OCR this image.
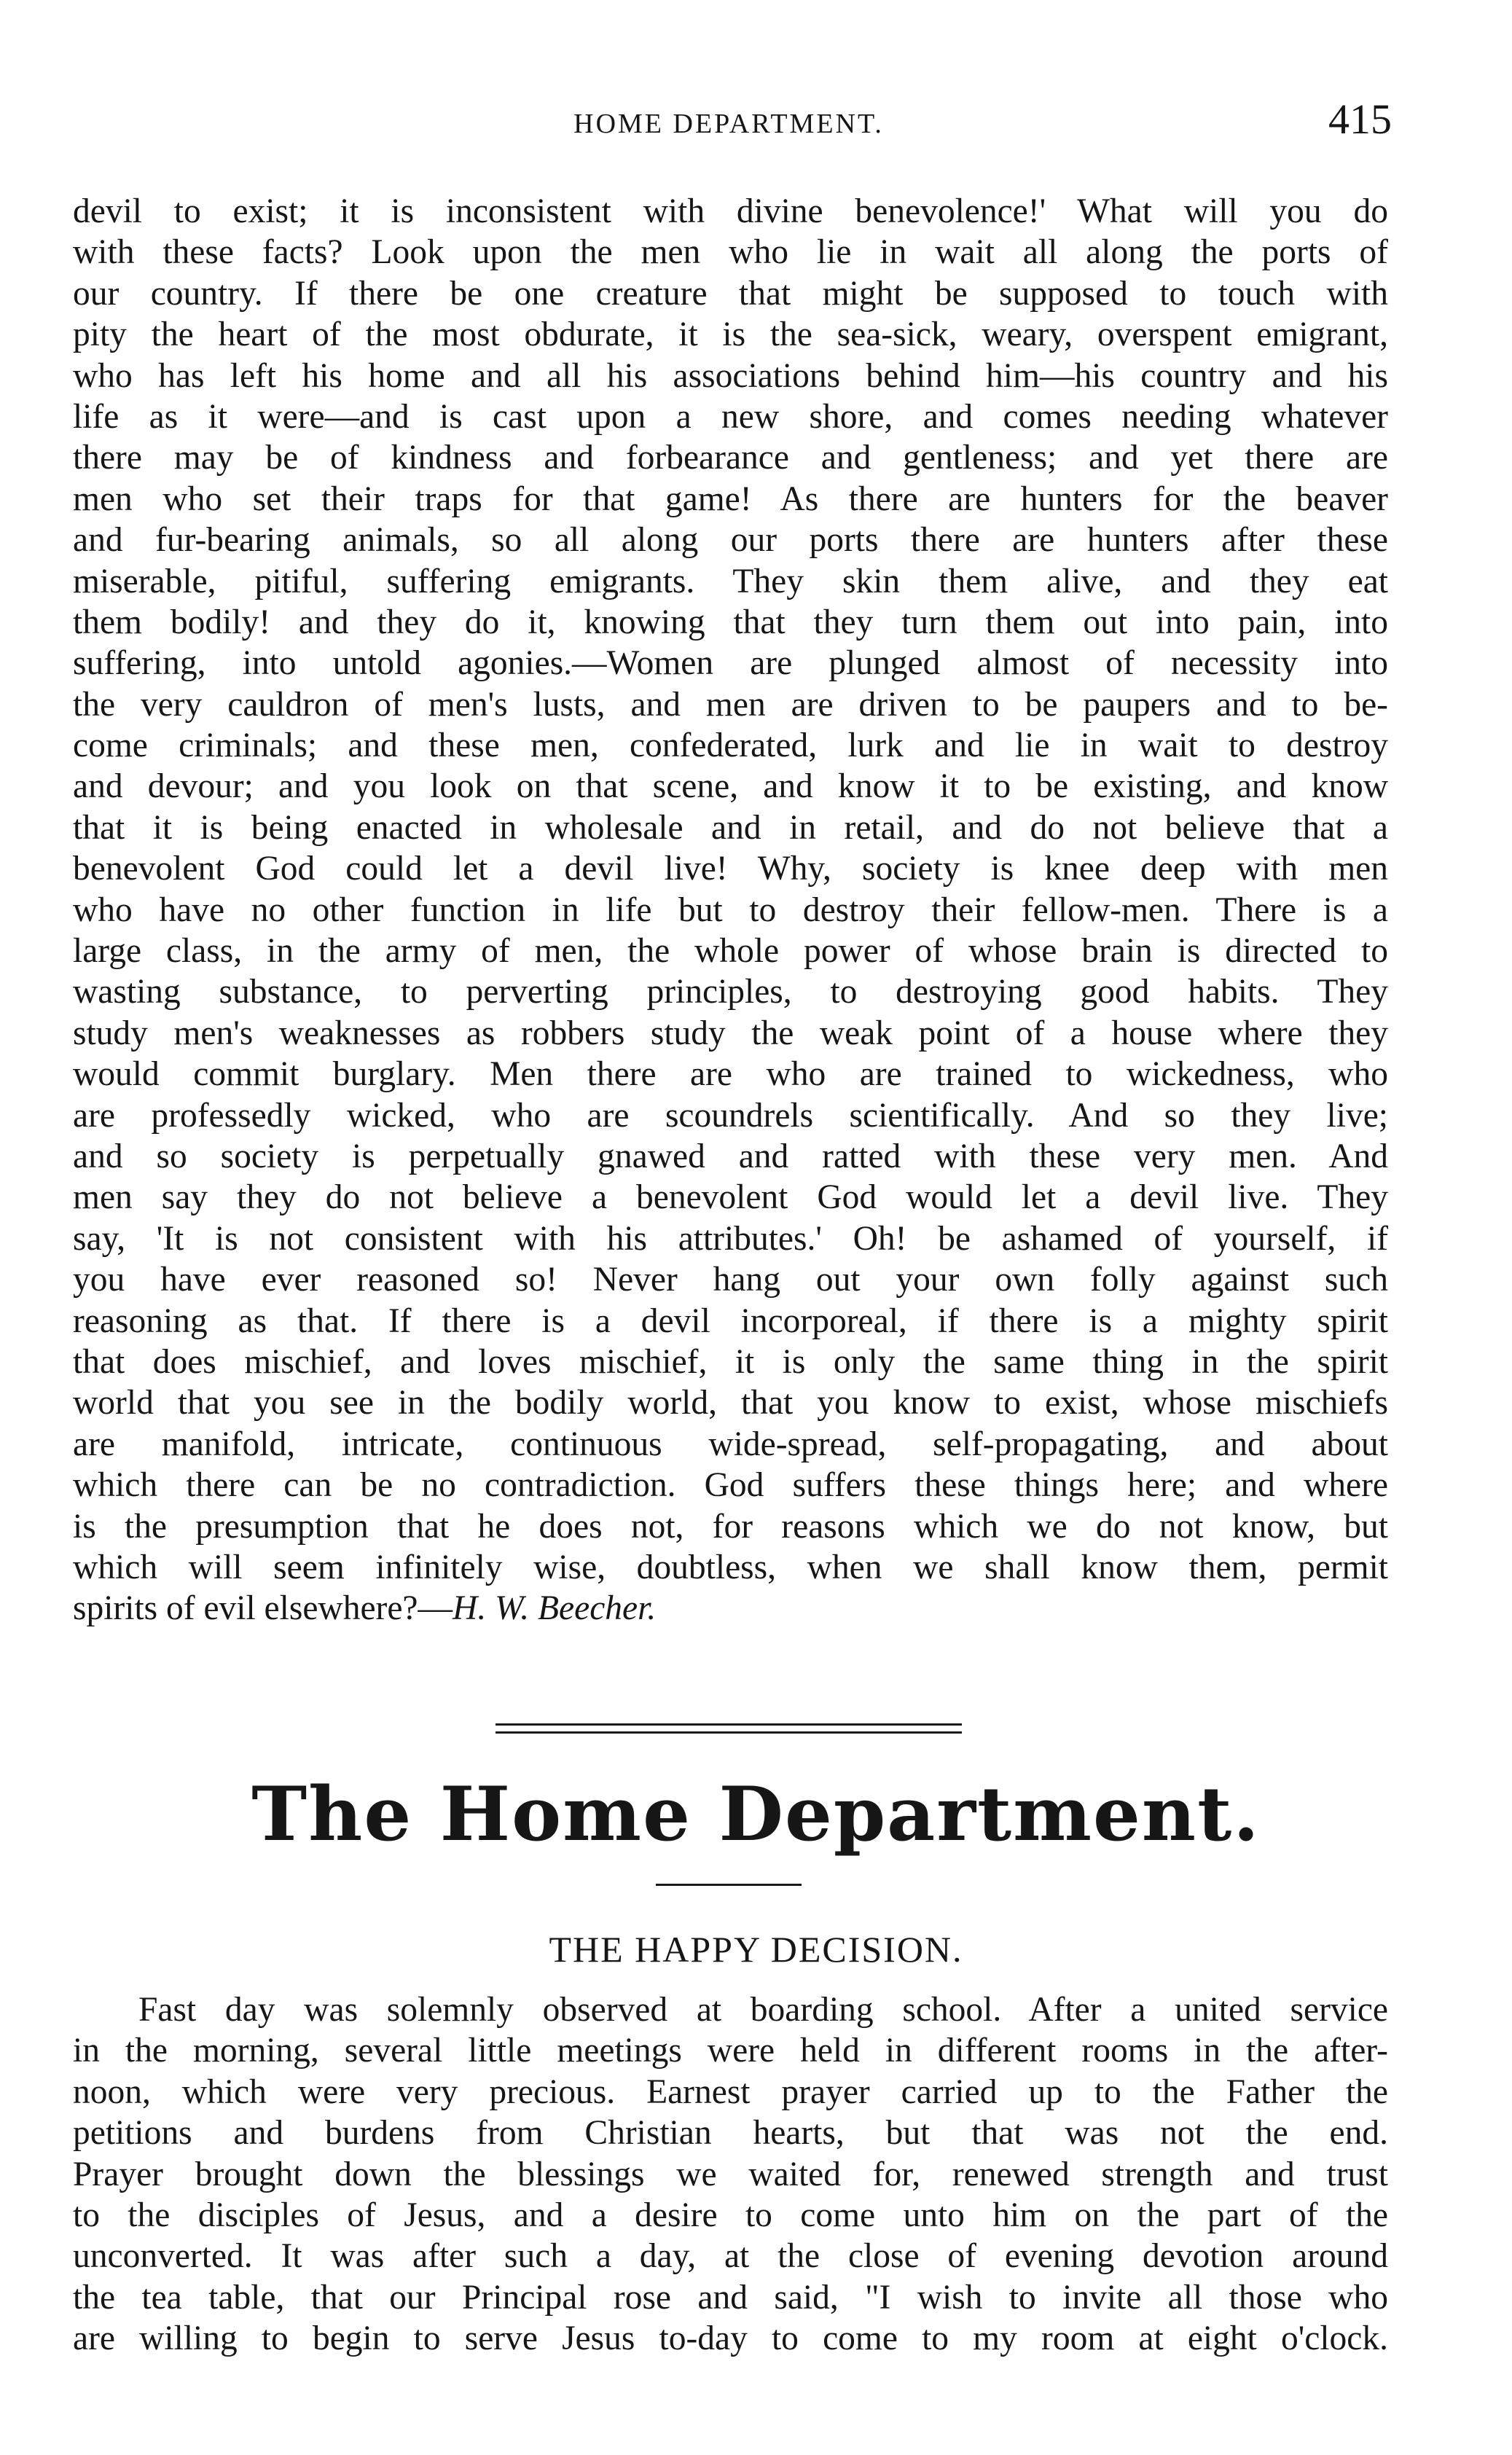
HOME DEPARTMENT.	415
devil to exist; it is inconsistent with divine benevolence!' What will you do
with these facts? Look upon the men who lie in wait all along the ports of
our country. If there be one creature that might be supposed to touch with
pity the heart of the most obdurate, it is the sea-sick, weary, overspent emigrant,
who has left his home and all his associations behind him—his country and his
life as it were—and is cast upon a new shore, and comes needing whatever
there may be of kindness and forbearance and gentleness; and yet there are
men who set their traps for that game! As there are hunters for the beaver
and fur-bearing animals, so all along our ports there are hunters after these
miserable, pitiful, suffering emigrants. They skin them alive, and they eat
them bodily! and they do it, knowing that they turn them out into pain, into
suffering, into untold agonies.—Women are plunged almost of necessity into
the very cauldron of men's lusts, and men are driven to be paupers and to be-
come criminals; and these men, confederated, lurk and lie in wait to destroy
and devour; and you look on that scene, and know it to be existing, and know
that it is being enacted in wholesale and in retail, and do not believe that a
benevolent God could let a devil live! Why, society is knee deep with men
who have no other function in life but to destroy their fellow-men. There is a
large class, in the army of men, the whole power of whose brain is directed to
wasting substance, to perverting principles, to destroying good habits. They
study men's weaknesses as robbers study the weak point of a house where they
would commit burglary. Men there are who are trained to wickedness, who
are professedly wicked, who are scoundrels scientifically. And so they live;
and so society is perpetually gnawed and ratted with these very men. And
men say they do not believe a benevolent God would let a devil live. They
say, 'It is not consistent with his attributes.' Oh! be ashamed of yourself, if
you have ever reasoned so! Never hang out your own folly against such
reasoning as that. If there is a devil incorporeal, if there is a mighty spirit
that does mischief, and loves mischief, it is only the same thing in the spirit
world that you see in the bodily world, that you know to exist, whose mischiefs
are manifold, intricate, continuous wide-spread, self-propagating, and about
which there can be no contradiction. God suffers these things here; and where
is the presumption that he does not, for reasons which we do not know, but
which will seem infinitely wise, doubtless, when we shall know them, permit
spirits of evil elsewhere?—H. W. Beecher.
The Home Department.
THE HAPPY DECISION.
Fast day was solemnly observed at boarding school. After a united service
in the morning, several little meetings were held in different rooms in the after-
noon, which were very precious. Earnest prayer carried up to the Father the
petitions and burdens from Christian hearts, but that was not the end.
Prayer brought down the blessings we waited for, renewed strength and trust
to the disciples of Jesus, and a desire to come unto him on the part of the
unconverted. It was after such a day, at the close of evening devotion around
the tea table, that our Principal rose and said, "I wish to invite all those who
are willing to begin to serve Jesus to-day to come to my room at eight o'clock.
